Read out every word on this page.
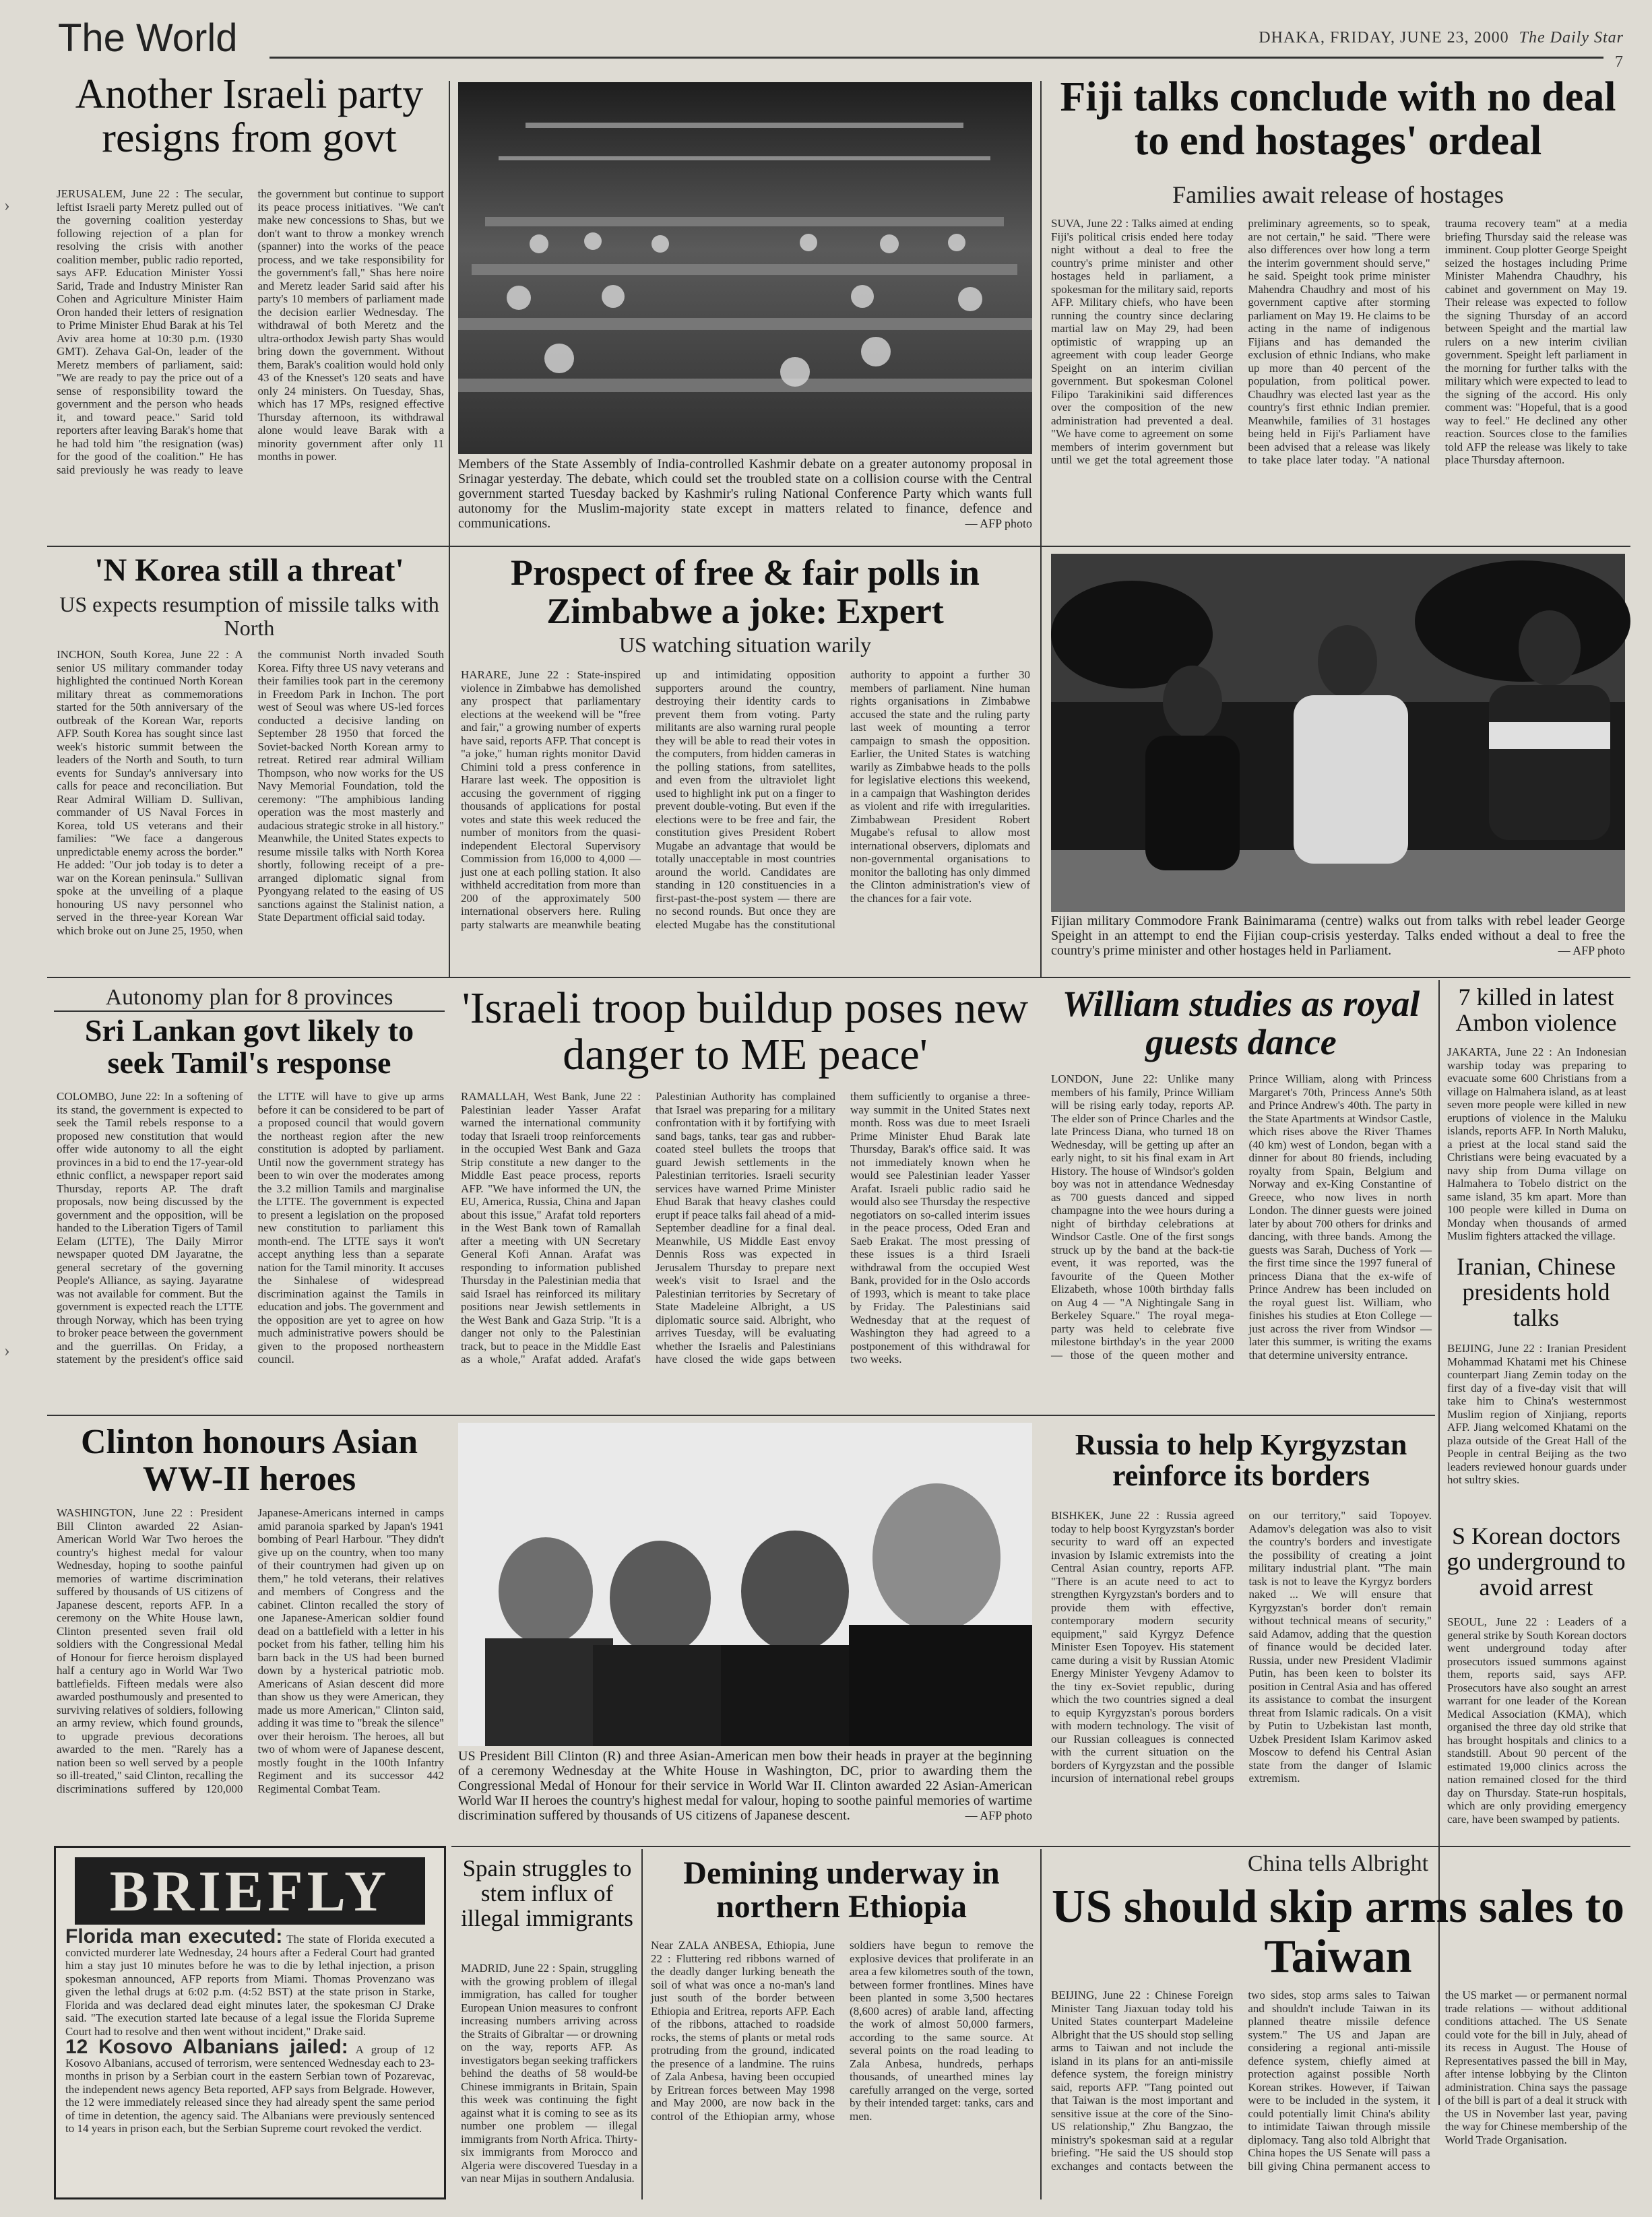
The World	DHAKA, FRIDAY, JUNE 23, 2000 The Daily Star 7
Another Israeli party resigns from govt
JERUSALEM, June 22 : The secular, leftist Israeli party Meretz pulled out of the governing coalition yesterday following rejection of a plan for resolving the crisis with another coalition member, public radio reported, says AFP. Education Minister Yossi Sarid, Trade and Industry Minister Ran Cohen and Agriculture Minister Haim Oron handed their letters of resignation to Prime Minister Ehud Barak at his Tel Aviv area home at 10:30 p.m. (1930 GMT). Zehava Gal-On, leader of the Meretz members of parliament, said: "We are ready to pay the price out of a sense of responsibility toward the government and the person who heads it, and toward peace." Sarid told reporters after leaving Barak's home that he had told him "the resignation (was) for the good of the coalition." He has said previously he was ready to leave the government but continue to support its peace process initiatives. "We can't make new concessions to Shas, but we don't want to throw a monkey wrench (spanner) into the works of the peace process, and we take responsibility for the government's fall," Shas here noire and Meretz leader Sarid said after his party's 10 members of parliament made the decision earlier Wednesday. The withdrawal of both Meretz and the ultra-orthodox Jewish party Shas would bring down the government. Without them, Barak's coalition would hold only 43 of the Knesset's 120 seats and have only 24 ministers. On Tuesday, Shas, which has 17 MPs, resigned effective Thursday afternoon, its withdrawal alone would leave Barak with a minority government after only 11 months in power.
Members of the State Assembly of India-controlled Kashmir debate on a greater autonomy proposal in Srinagar yesterday. The debate, which could set the troubled state on a collision course with the Central government started Tuesday backed by Kashmir's ruling National Conference Party which wants full autonomy for the Muslim-majority state except in matters related to finance, defence and communications.	— AFP photo
Fiji talks conclude with no deal to end hostages' ordeal
Families await release of hostages
SUVA, June 22 : Talks aimed at ending Fiji's political crisis ended here today night without a deal to free the country's prime minister and other hostages held in parliament, a spokesman for the military said, reports AFP. Military chiefs, who have been running the country since declaring martial law on May 29, had been optimistic of wrapping up an agreement with coup leader George Speight on an interim civilian government. But spokesman Colonel Filipo Tarakinikini said differences over the composition of the new administration had prevented a deal. "We have come to agreement on some members of interim government but until we get the total agreement those preliminary agreements, so to speak, are not certain," he said. "There were also differences over how long a term the interim government should serve," he said. Speight took prime minister Mahendra Chaudhry and most of his government captive after storming parliament on May 19. He claims to be acting in the name of indigenous Fijians and has demanded the exclusion of ethnic Indians, who make up more than 40 percent of the population, from political power. Chaudhry was elected last year as the country's first ethnic Indian premier. Meanwhile, families of 31 hostages being held in Fiji's Parliament have been advised that a release was likely to take place later today. "A national trauma recovery team" at a media briefing Thursday said the release was imminent. Coup plotter George Speight seized the hostages including Prime Minister Mahendra Chaudhry, his cabinet and government on May 19. Their release was expected to follow the signing Thursday of an accord between Speight and the martial law rulers on a new interim civilian government. Speight left parliament in the morning for further talks with the military which were expected to lead to the signing of the accord. His only comment was: "Hopeful, that is a good way to feel." He declined any other reaction. Sources close to the families told AFP the release was likely to take place Thursday afternoon.
'N Korea still a threat'
US expects resumption of missile talks with North
INCHON, South Korea, June 22 : A senior US military commander today highlighted the continued North Korean military threat as commemorations started for the 50th anniversary of the outbreak of the Korean War, reports AFP. South Korea has sought since last week's historic summit between the leaders of the North and South, to turn events for Sunday's anniversary into calls for peace and reconciliation. But Rear Admiral William D. Sullivan, commander of US Naval Forces in Korea, told US veterans and their families: "We face a dangerous unpredictable enemy across the border." He added: "Our job today is to deter a war on the Korean peninsula." Sullivan spoke at the unveiling of a plaque honouring US navy personnel who served in the three-year Korean War which broke out on June 25, 1950, when the communist North invaded South Korea. Fifty three US navy veterans and their families took part in the ceremony in Freedom Park in Inchon. The port west of Seoul was where US-led forces conducted a decisive landing on September 28 1950 that forced the Soviet-backed North Korean army to retreat. Retired rear admiral William Thompson, who now works for the US Navy Memorial Foundation, told the ceremony: "The amphibious landing operation was the most masterly and audacious strategic stroke in all history." Meanwhile, the United States expects to resume missile talks with North Korea shortly, following receipt of a pre-arranged diplomatic signal from Pyongyang related to the easing of US sanctions against the Stalinist nation, a State Department official said today.
Prospect of free & fair polls in Zimbabwe a joke: Expert
US watching situation warily
HARARE, June 22 : State-inspired violence in Zimbabwe has demolished any prospect that parliamentary elections at the weekend will be "free and fair," a growing number of experts have said, reports AFP. That concept is "a joke," human rights monitor David Chimini told a press conference in Harare last week. The opposition is accusing the government of rigging thousands of applications for postal votes and state this week reduced the number of monitors from the quasi-independent Electoral Supervisory Commission from 16,000 to 4,000 — just one at each polling station. It also withheld accreditation from more than 200 of the approximately 500 international observers here. Ruling party stalwarts are meanwhile beating up and intimidating opposition supporters around the country, destroying their identity cards to prevent them from voting. Party militants are also warning rural people they will be able to read their votes in the computers, from hidden cameras in the polling stations, from satellites, and even from the ultraviolet light used to highlight ink put on a finger to prevent double-voting. But even if the elections were to be free and fair, the constitution gives President Robert Mugabe an advantage that would be totally unacceptable in most countries around the world. Candidates are standing in 120 constituencies in a first-past-the-post system — there are no second rounds. But once they are elected Mugabe has the constitutional authority to appoint a further 30 members of parliament. Nine human rights organisations in Zimbabwe accused the state and the ruling party last week of mounting a terror campaign to smash the opposition. Earlier, the United States is watching warily as Zimbabwe heads to the polls for legislative elections this weekend, in a campaign that Washington derides as violent and rife with irregularities. Zimbabwean President Robert Mugabe's refusal to allow most international observers, diplomats and non-governmental organisations to monitor the balloting has only dimmed the Clinton administration's view of the chances for a fair vote.
Fijian military Commodore Frank Bainimarama (centre) walks out from talks with rebel leader George Speight in an attempt to end the Fijian coup-crisis yesterday. Talks ended without a deal to free the country's prime minister and other hostages held in Parliament.	— AFP photo
Autonomy plan for 8 provinces
Sri Lankan govt likely to seek Tamil's response
COLOMBO, June 22: In a softening of its stand, the government is expected to seek the Tamil rebels response to a proposed new constitution that would offer wide autonomy to all the eight provinces in a bid to end the 17-year-old ethnic conflict, a newspaper report said Thursday, reports AP. The draft proposals, now being discussed by the government and the opposition, will be handed to the Liberation Tigers of Tamil Eelam (LTTE), The Daily Mirror newspaper quoted DM Jayaratne, the general secretary of the governing People's Alliance, as saying. Jayaratne was not available for comment. But the government is expected reach the LTTE through Norway, which has been trying to broker peace between the government and the guerrillas. On Friday, a statement by the president's office said the LTTE will have to give up arms before it can be considered to be part of a proposed council that would govern the northeast region after the new constitution is adopted by parliament. Until now the government strategy has been to win over the moderates among the 3.2 million Tamils and marginalise the LTTE. The government is expected to present a legislation on the proposed new constitution to parliament this month-end. The LTTE says it won't accept anything less than a separate nation for the Tamil minority. It accuses the Sinhalese of widespread discrimination against the Tamils in education and jobs. The government and the opposition are yet to agree on how much administrative powers should be given to the proposed northeastern council.
'Israeli troop buildup poses new danger to ME peace'
RAMALLAH, West Bank, June 22 : Palestinian leader Yasser Arafat warned the international community today that Israeli troop reinforcements in the occupied West Bank and Gaza Strip constitute a new danger to the Middle East peace process, reports AFP. "We have informed the UN, the EU, America, Russia, China and Japan about this issue," Arafat told reporters in the West Bank town of Ramallah after a meeting with UN Secretary General Kofi Annan. Arafat was responding to information published Thursday in the Palestinian media that said Israel has reinforced its military positions near Jewish settlements in the West Bank and Gaza Strip. "It is a danger not only to the Palestinian track, but to peace in the Middle East as a whole," Arafat added. Arafat's Palestinian Authority has complained that Israel was preparing for a military confrontation with it by fortifying with sand bags, tanks, tear gas and rubber-coated steel bullets the troops that guard Jewish settlements in the Palestinian territories. Israeli security services have warned Prime Minister Ehud Barak that heavy clashes could erupt if peace talks fail ahead of a mid-September deadline for a final deal. Meanwhile, US Middle East envoy Dennis Ross was expected in Jerusalem Thursday to prepare next week's visit to Israel and the Palestinian territories by Secretary of State Madeleine Albright, a US diplomatic source said. Albright, who arrives Tuesday, will be evaluating whether the Israelis and Palestinians have closed the wide gaps between them sufficiently to organise a three-way summit in the United States next month. Ross was due to meet Israeli Prime Minister Ehud Barak late Thursday, Barak's office said. It was not immediately known when he would see Palestinian leader Yasser Arafat. Israeli public radio said he would also see Thursday the respective negotiators on so-called interim issues in the peace process, Oded Eran and Saeb Erakat. The most pressing of these issues is a third Israeli withdrawal from the occupied West Bank, provided for in the Oslo accords of 1993, which is meant to take place by Friday. The Palestinians said Wednesday that at the request of Washington they had agreed to a postponement of this withdrawal for two weeks.
William studies as royal guests dance
LONDON, June 22: Unlike many members of his family, Prince William will be rising early today, reports AP. The elder son of Prince Charles and the late Princess Diana, who turned 18 on Wednesday, will be getting up after an early night, to sit his final exam in Art History. The house of Windsor's golden boy was not in attendance Wednesday as 700 guests danced and sipped champagne into the wee hours during a night of birthday celebrations at Windsor Castle. One of the first songs struck up by the band at the back-tie event, it was reported, was the favourite of the Queen Mother Elizabeth, whose 100th birthday falls on Aug 4 — "A Nightingale Sang in Berkeley Square." The royal mega-party was held to celebrate five milestone birthday's in the year 2000 — those of the queen mother and Prince William, along with Princess Margaret's 70th, Princess Anne's 50th and Prince Andrew's 40th. The party in the State Apartments at Windsor Castle, which rises above the River Thames (40 km) west of London, began with a dinner for about 80 friends, including royalty from Spain, Belgium and Norway and ex-King Constantine of Greece, who now lives in north London. The dinner guests were joined later by about 700 others for drinks and dancing, with three bands. Among the guests was Sarah, Duchess of York — the first time since the 1997 funeral of princess Diana that the ex-wife of Prince Andrew has been included on the royal guest list. William, who finishes his studies at Eton College — just across the river from Windsor — later this summer, is writing the exams that determine university entrance.
7 killed in latest Ambon violence
JAKARTA, June 22 : An Indonesian warship today was preparing to evacuate some 600 Christians from a village on Halmahera island, as at least seven more people were killed in new eruptions of violence in the Maluku islands, reports AFP. In North Maluku, a priest at the local stand said the Christians were being evacuated by a navy ship from Duma village on Halmahera to Tobelo district on the same island, 35 km apart. More than 100 people were killed in Duma on Monday when thousands of armed Muslim fighters attacked the village.
Iranian, Chinese presidents hold talks
BEIJING, June 22 : Iranian President Mohammad Khatami met his Chinese counterpart Jiang Zemin today on the first day of a five-day visit that will take him to China's westernmost Muslim region of Xinjiang, reports AFP. Jiang welcomed Khatami on the plaza outside of the Great Hall of the People in central Beijing as the two leaders reviewed honour guards under hot sultry skies.
Clinton honours Asian WW-II heroes
WASHINGTON, June 22 : President Bill Clinton awarded 22 Asian-American World War Two heroes the country's highest medal for valour Wednesday, hoping to soothe painful memories of wartime discrimination suffered by thousands of US citizens of Japanese descent, reports AFP. In a ceremony on the White House lawn, Clinton presented seven frail old soldiers with the Congressional Medal of Honour for fierce heroism displayed half a century ago in World War Two battlefields. Fifteen medals were also awarded posthumously and presented to surviving relatives of soldiers, following an army review, which found grounds, to upgrade previous decorations awarded to the men. "Rarely has a nation been so well served by a people so ill-treated," said Clinton, recalling the discriminations suffered by 120,000 Japanese-Americans interned in camps amid paranoia sparked by Japan's 1941 bombing of Pearl Harbour. "They didn't give up on the country, when too many of their countrymen had given up on them," he told veterans, their relatives and members of Congress and the cabinet. Clinton recalled the story of one Japanese-American soldier found dead on a battlefield with a letter in his pocket from his father, telling him his barn back in the US had been burned down by a hysterical patriotic mob. Americans of Asian descent did more than show us they were American, they made us more American," Clinton said, adding it was time to "break the silence" over their heroism. The heroes, all but two of whom were of Japanese descent, mostly fought in the 100th Infantry Regiment and its successor 442 Regimental Combat Team.
US President Bill Clinton (R) and three Asian-American men bow their heads in prayer at the beginning of a ceremony Wednesday at the White House in Washington, DC, prior to awarding them the Congressional Medal of Honour for their service in World War II. Clinton awarded 22 Asian-American World War II heroes the country's highest medal for valour, hoping to soothe painful memories of wartime discrimination suffered by thousands of US citizens of Japanese descent.	— AFP photo
Russia to help Kyrgyzstan reinforce its borders
BISHKEK, June 22 : Russia agreed today to help boost Kyrgyzstan's border security to ward off an expected invasion by Islamic extremists into the Central Asian country, reports AFP. "There is an acute need to act to strengthen Kyrgyzstan's borders and to provide them with effective, contemporary modern security equipment," said Kyrgyz Defence Minister Esen Topoyev. His statement came during a visit by Russian Atomic Energy Minister Yevgeny Adamov to the tiny ex-Soviet republic, during which the two countries signed a deal to equip Kyrgyzstan's porous borders with modern technology. The visit of our Russian colleagues is connected with the current situation on the borders of Kyrgyzstan and the possible incursion of international rebel groups on our territory," said Topoyev. Adamov's delegation was also to visit the country's borders and investigate the possibility of creating a joint military industrial plant. "The main task is not to leave the Kyrgyz borders naked ... We will ensure that Kyrgyzstan's border don't remain without technical means of security," said Adamov, adding that the question of finance would be decided later. Russia, under new President Vladimir Putin, has been keen to bolster its position in Central Asia and has offered its assistance to combat the insurgent threat from Islamic radicals. On a visit by Putin to Uzbekistan last month, Uzbek President Islam Karimov asked Moscow to defend his Central Asian state from the danger of Islamic extremism.
S Korean doctors go underground to avoid arrest
SEOUL, June 22 : Leaders of a general strike by South Korean doctors went underground today after prosecutors issued summons against them, reports said, says AFP. Prosecutors have also sought an arrest warrant for one leader of the Korean Medical Association (KMA), which organised the three day old strike that has brought hospitals and clinics to a standstill. About 90 percent of the estimated 19,000 clinics across the nation remained closed for the third day on Thursday. State-run hospitals, which are only providing emergency care, have been swamped by patients.
BRIEFLY

Florida man executed: The state of Florida executed a convicted murderer late Wednesday, 24 hours after a Federal Court had granted him a stay just 10 minutes before he was to die by lethal injection, a prison spokesman announced, AFP reports from Miami. Thomas Provenzano was given the lethal drugs at 6:02 p.m. (4:52 BST) at the state prison in Starke, Florida and was declared dead eight minutes later, the spokesman CJ Drake said. "The execution started late because of a legal issue the Florida Supreme Court had to resolve and then went without incident," Drake said.

12 Kosovo Albanians jailed: A group of 12 Kosovo Albanians, accused of terrorism, were sentenced Wednesday each to 23-months in prison by a Serbian court in the eastern Serbian town of Pozarevac, the independent news agency Beta reported, AFP says from Belgrade. However, the 12 were immediately released since they had already spent the same period of time in detention, the agency said. The Albanians were previously sentenced to 14 years in prison each, but the Serbian Supreme court revoked the verdict.

Spain struggles to stem influx of illegal immigrants
MADRID, June 22 : Spain, struggling with the growing problem of illegal immigration, has called for tougher European Union measures to confront increasing numbers arriving across the Straits of Gibraltar — or drowning on the way, reports AFP. As investigators began seeking traffickers behind the deaths of 58 would-be Chinese immigrants in Britain, Spain this week was continuing the fight against what it is coming to see as its number one problem — illegal immigrants from North Africa. Thirty-six immigrants from Morocco and Algeria were discovered Tuesday in a van near Mijas in southern Andalusia.
Demining underway in northern Ethiopia
Near ZALA ANBESA, Ethiopia, June 22 : Fluttering red ribbons warned of the deadly danger lurking beneath the soil of what was once a no-man's land just south of the border between Ethiopia and Eritrea, reports AFP. Each of the ribbons, attached to roadside rocks, the stems of plants or metal rods protruding from the ground, indicated the presence of a landmine. The ruins of Zala Anbesa, having been occupied by Eritrean forces between May 1998 and May 2000, are now back in the control of the Ethiopian army, whose soldiers have begun to remove the explosive devices that proliferate in an area a few kilometres south of the town, between former frontlines. Mines have been planted in some 3,500 hectares (8,600 acres) of arable land, affecting the work of almost 50,000 farmers, according to the same source. At several points on the road leading to Zala Anbesa, hundreds, perhaps thousands, of unearthed mines lay carefully arranged on the verge, sorted by their intended target: tanks, cars and men.
China tells Albright
US should skip arms sales to Taiwan
BEIJING, June 22 : Chinese Foreign Minister Tang Jiaxuan today told his United States counterpart Madeleine Albright that the US should stop selling arms to Taiwan and not include the island in its plans for an anti-missile defence system, the foreign ministry said, reports AFP. "Tang pointed out that Taiwan is the most important and sensitive issue at the core of the Sino-US relationship," Zhu Bangzao, the ministry's spokesman said at a regular briefing. "He said the US should stop exchanges and contacts between the two sides, stop arms sales to Taiwan and shouldn't include Taiwan in its planned theatre missile defence system." The US and Japan are considering a regional anti-missile defence system, chiefly aimed at protection against possible North Korean strikes. However, if Taiwan were to be included in the system, it could potentially limit China's ability to intimidate Taiwan through missile diplomacy. Tang also told Albright that China hopes the US Senate will pass a bill giving China permanent access to the US market — or permanent normal trade relations — without additional conditions attached. The US Senate could vote for the bill in July, ahead of its recess in August. The House of Representatives passed the bill in May, after intense lobbying by the Clinton administration. China says the passage of the bill is part of a deal it struck with the US in November last year, paving the way for Chinese membership of the World Trade Organisation.
›
›
